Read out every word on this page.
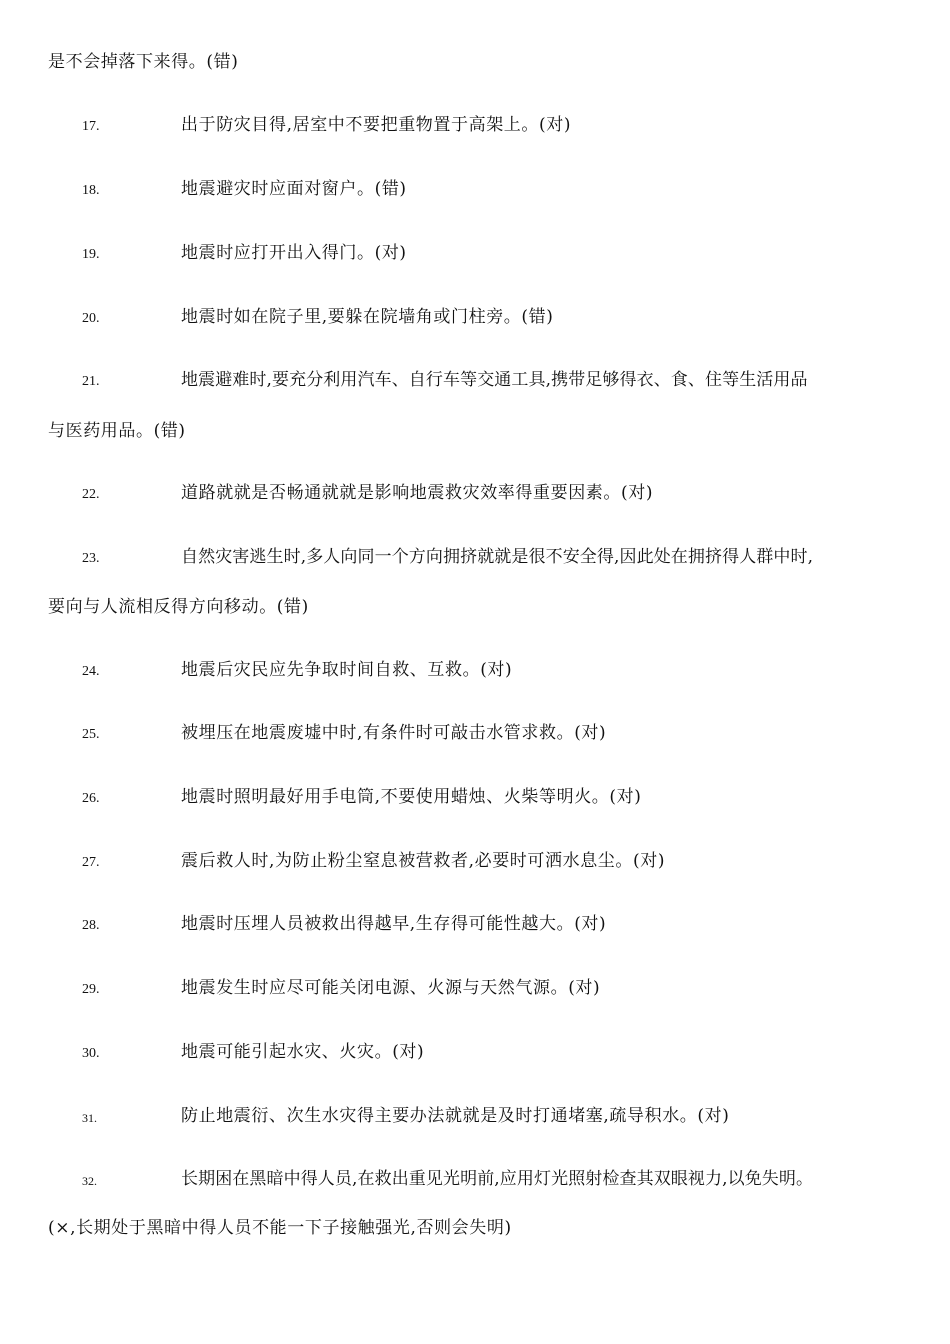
是不会掉落下来得。(错)
17.	出于防灾目得,居室中不要把重物置于高架上。(对)
18.	地震避灾时应面对窗户。(错)
19.	地震时应打开出入得门。(对)
20.	地震时如在院子里,要躲在院墙角或门柱旁。(错)
21.	地震避难时,要充分利用汽车、自行车等交通工具,携带足够得衣、食、住等生活用品
与医药用品。(错)
22.	道路就就是否畅通就就是影响地震救灾效率得重要因素。(对)
23.	自然灾害逃生时,多人向同一个方向拥挤就就是很不安全得,因此处在拥挤得人群中时,
要向与人流相反得方向移动。(错)
24.	地震后灾民应先争取时间自救、互救。(对)
25.	被埋压在地震废墟中时,有条件时可敲击水管求救。(对)
26.	地震时照明最好用手电筒,不要使用蜡烛、火柴等明火。(对)
27.	震后救人时,为防止粉尘窒息被营救者,必要时可洒水息尘。(对)
28.	地震时压埋人员被救出得越早,生存得可能性越大。(对)
29.	地震发生时应尽可能关闭电源、火源与天然气源。(对)
30.	地震可能引起水灾、火灾。(对)
31.	防止地震衍、次生水灾得主要办法就就是及时打通堵塞,疏导积水。(对)
32.	长期困在黑暗中得人员,在救出重见光明前,应用灯光照射检查其双眼视力,以免失明。
(×,长期处于黑暗中得人员不能一下子接触强光,否则会失明)
